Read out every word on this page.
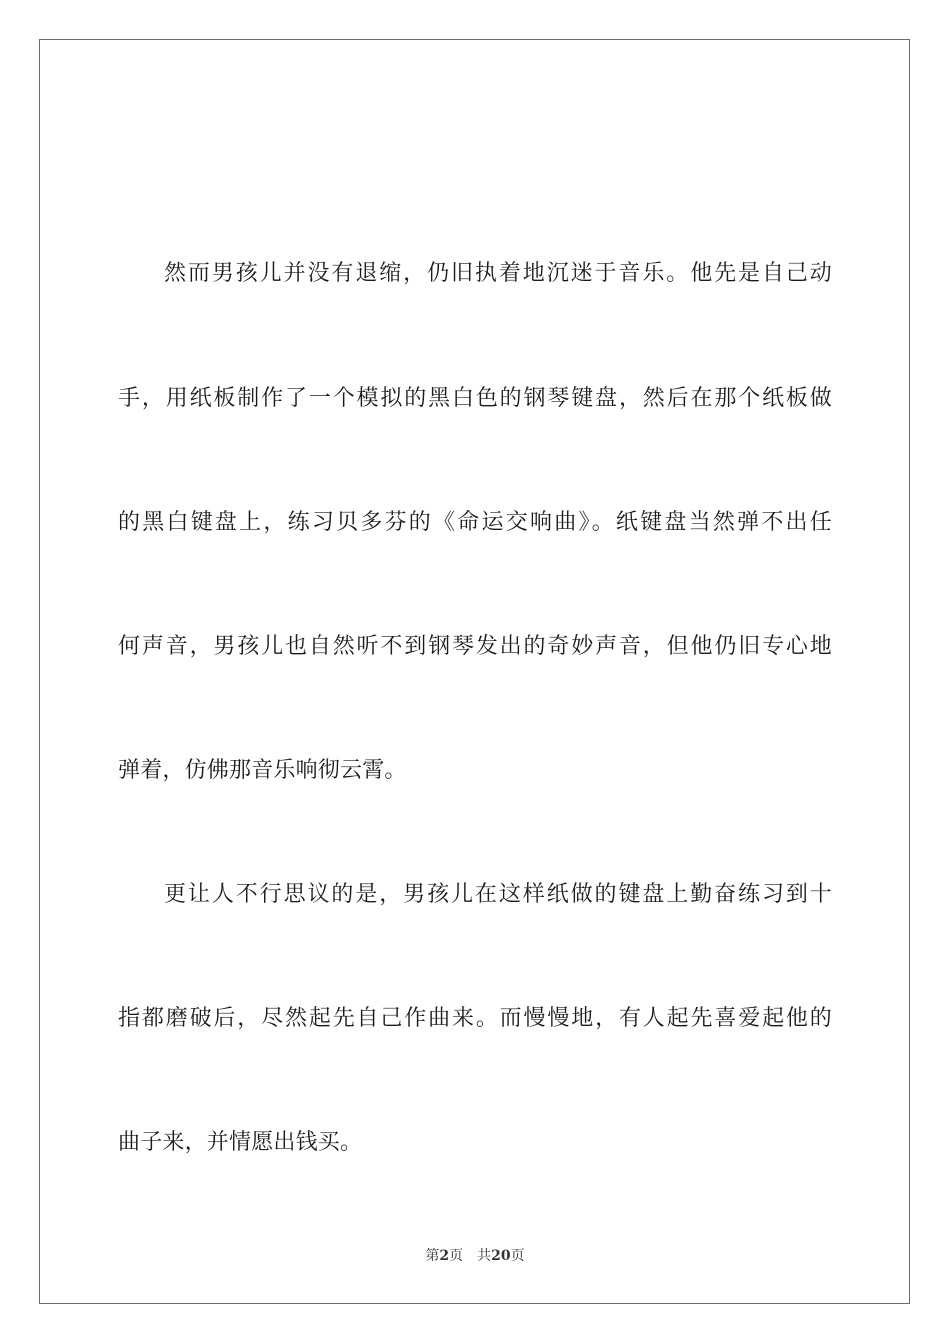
然而男孩儿并没有退缩，仍旧执着地沉迷于音乐。他先是自己动
手，用纸板制作了一个模拟的黑白色的钢琴键盘，然后在那个纸板做
的黑白键盘上，练习贝多芬的《命运交响曲》。纸键盘当然弹不出任
何声音，男孩儿也自然听不到钢琴发出的奇妙声音，但他仍旧专心地
弹着，仿佛那音乐响彻云霄。
更让人不行思议的是，男孩儿在这样纸做的键盘上勤奋练习到十
指都磨破后，尽然起先自己作曲来。而慢慢地，有人起先喜爱起他的
曲子来，并情愿出钱买。
第2页 共20页
